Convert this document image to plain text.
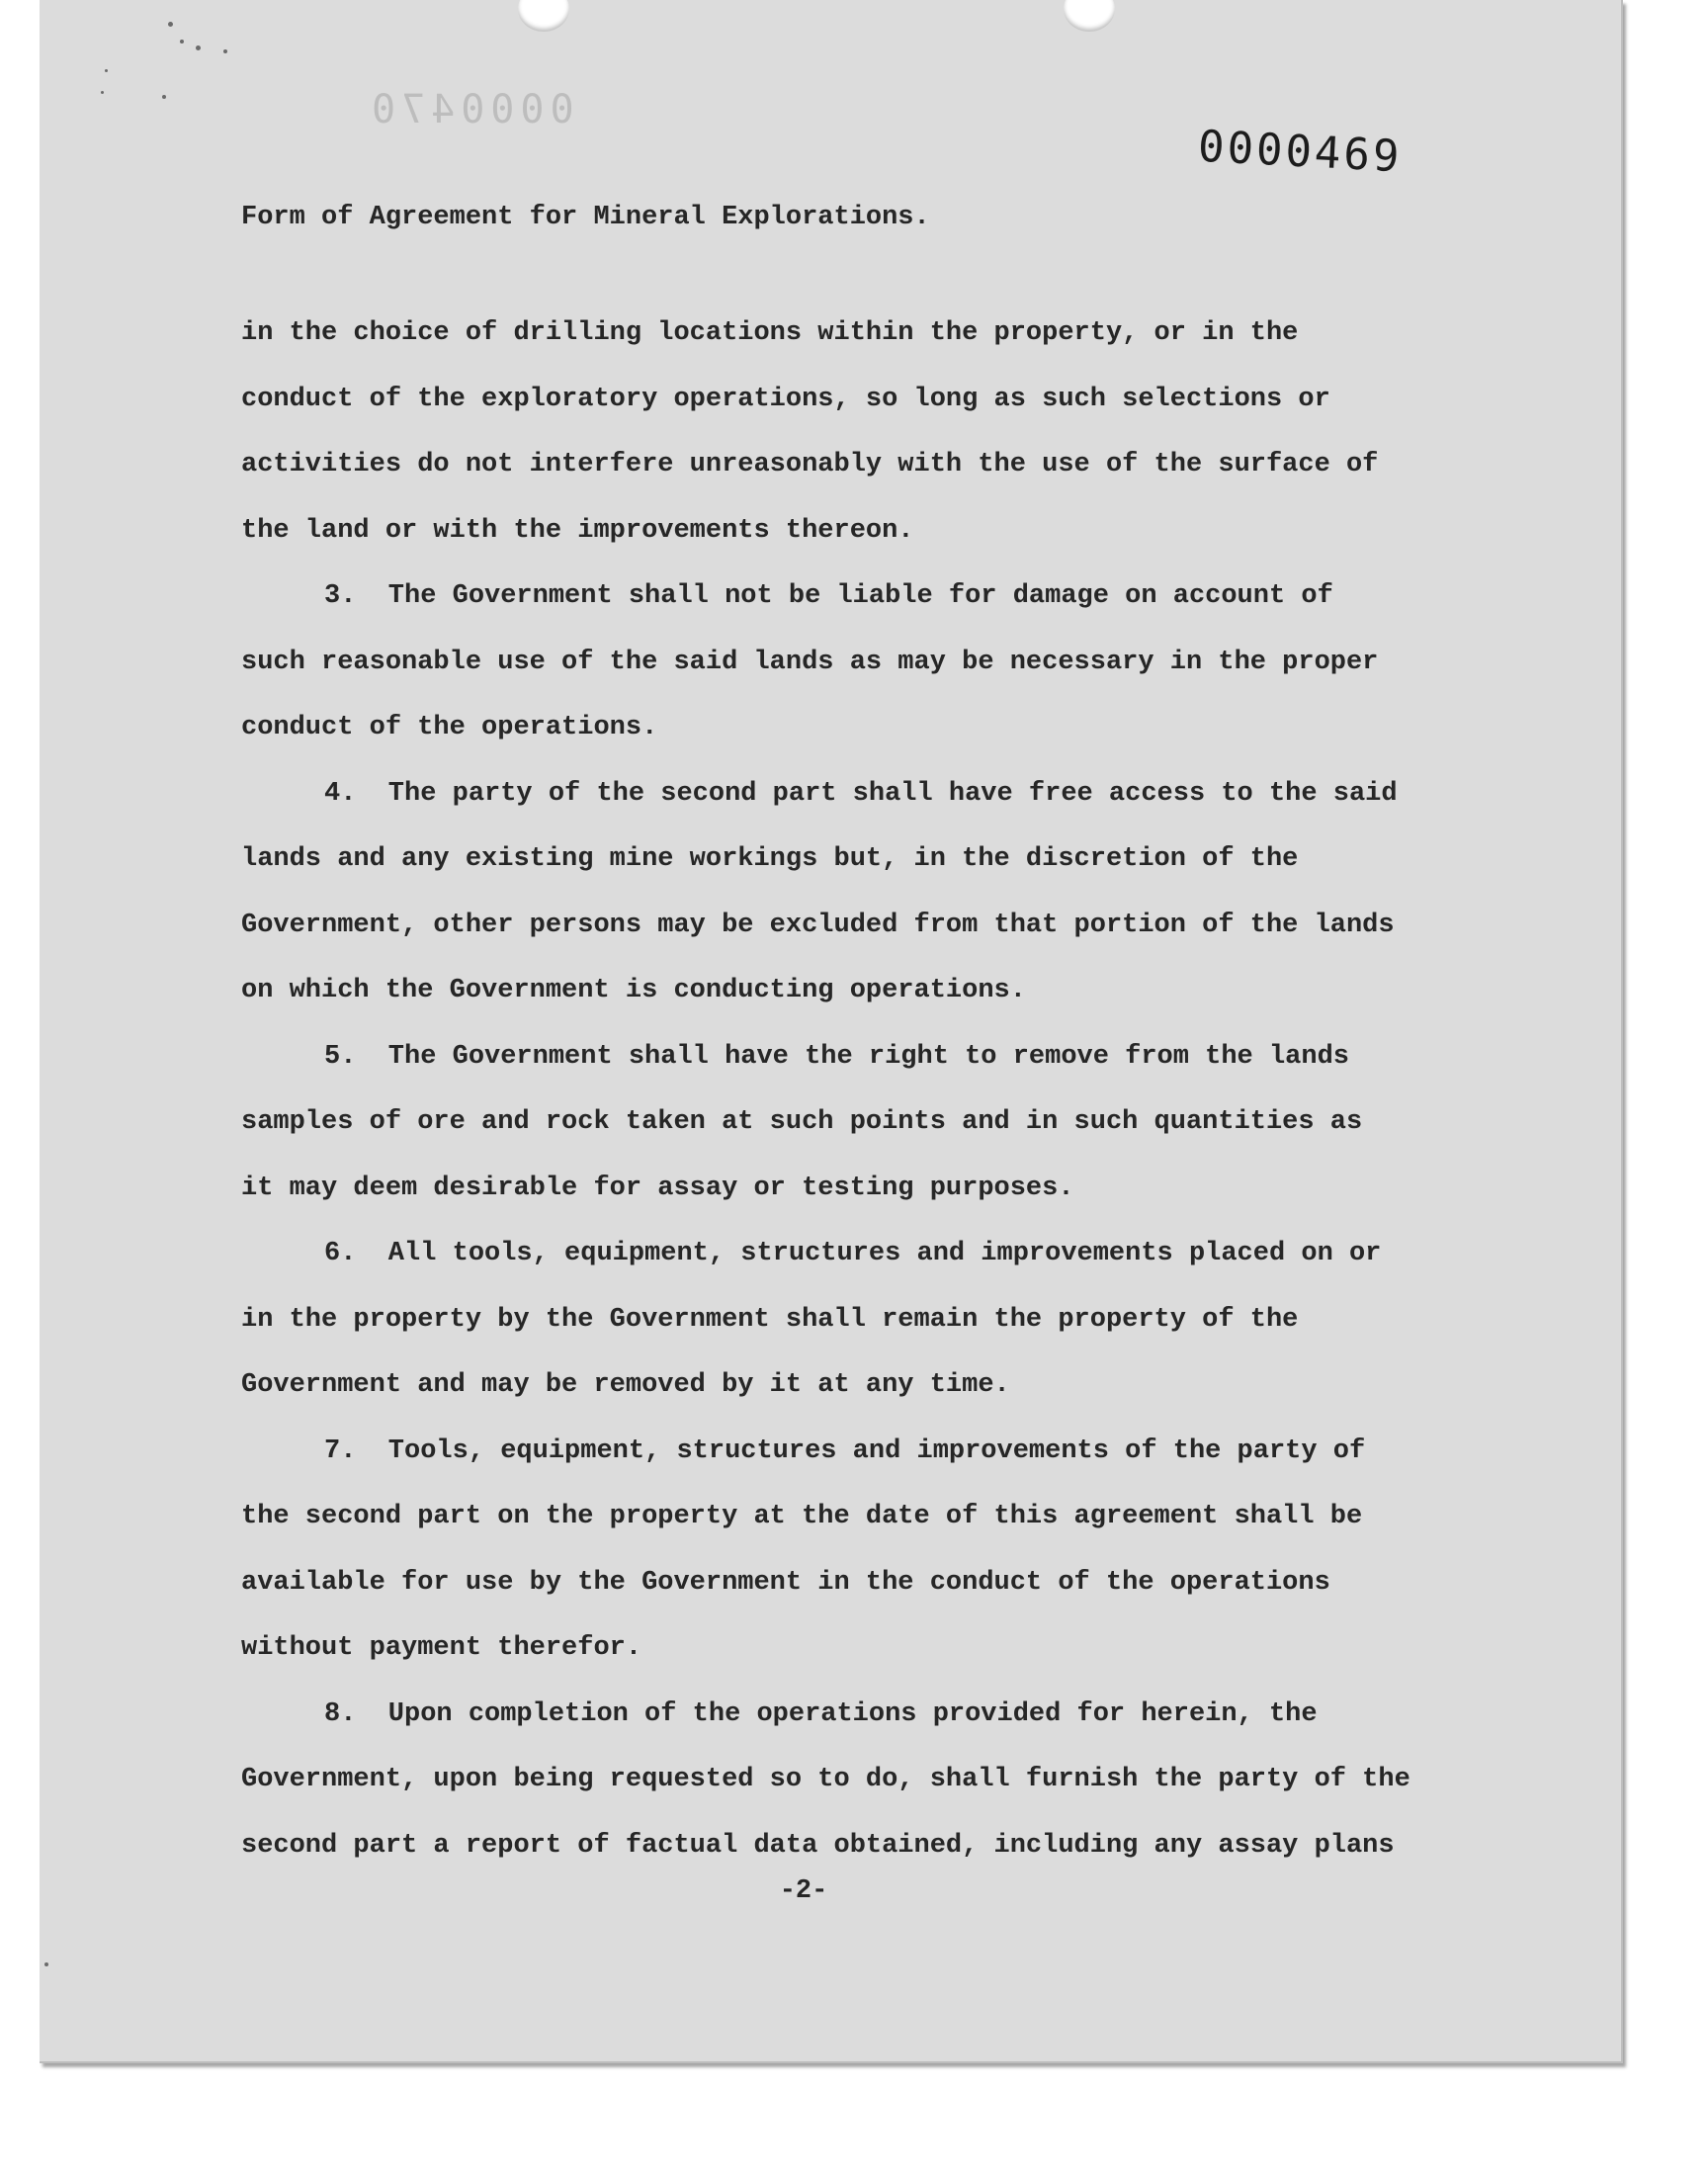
0000470
0000469

Form of Agreement for Mineral Explorations.

in the choice of drilling locations within the property, or in the
conduct of the exploratory operations, so long as such selections or
activities do not interfere unreasonably with the use of the surface of
the land or with the improvements thereon.
3.  The Government shall not be liable for damage on account of
such reasonable use of the said lands as may be necessary in the proper
conduct of the operations.
4.  The party of the second part shall have free access to the said
lands and any existing mine workings but, in the discretion of the
Government, other persons may be excluded from that portion of the lands
on which the Government is conducting operations.
5.  The Government shall have the right to remove from the lands
samples of ore and rock taken at such points and in such quantities as
it may deem desirable for assay or testing purposes.
6.  All tools, equipment, structures and improvements placed on or
in the property by the Government shall remain the property of the
Government and may be removed by it at any time.
7.  Tools, equipment, structures and improvements of the party of
the second part on the property at the date of this agreement shall be
available for use by the Government in the conduct of the operations
without payment therefor.
8.  Upon completion of the operations provided for herein, the
Government, upon being requested so to do, shall furnish the party of the
second part a report of factual data obtained, including any assay plans
-2-
